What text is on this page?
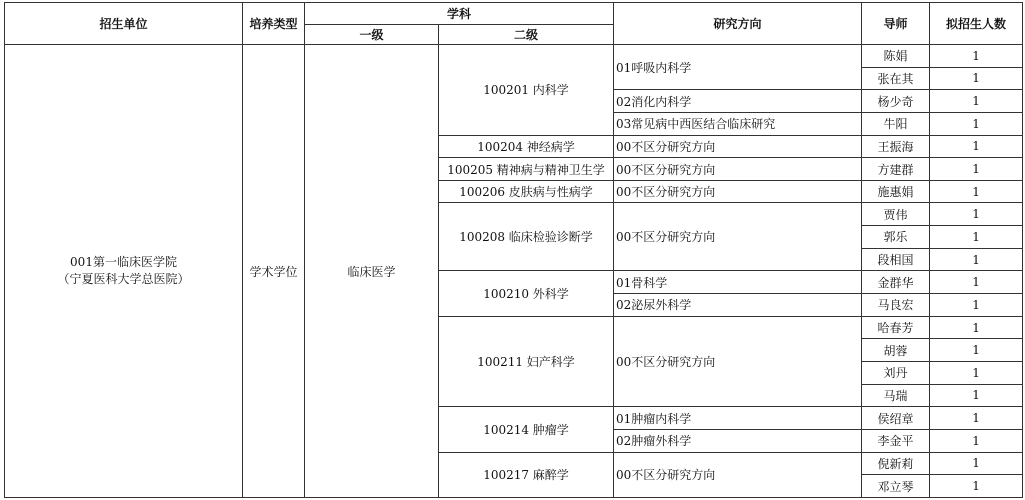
招生单位	培养类型	学科		研究方向	导师	拟招生人数
		一级	二级			

001第一临床医学院
（宁夏医科大学总医院）	学术学位	临床医学	100201 内科学	01呼吸内科学	陈娟	1
					张在其	1
				02消化内科学	杨少奇	1
				03常见病中西医结合临床研究	牛阳	1
			100204 神经病学	00不区分研究方向	王振海	1
			100205 精神病与精神卫生学	00不区分研究方向	方建群	1
			100206 皮肤病与性病学	00不区分研究方向	施惠娟	1
			100208 临床检验诊断学	00不区分研究方向	贾伟	1
					郭乐	1
					段相国	1
			100210 外科学	01骨科学	金群华	1
				02泌尿外科学	马良宏	1
			100211 妇产科学	00不区分研究方向	哈春芳	1
					胡蓉	1
					刘丹	1
					马瑞	1
			100214 肿瘤学	01肿瘤内科学	侯绍章	1
				02肿瘤外科学	李金平	1
			100217 麻醉学	00不区分研究方向	倪新莉	1
					邓立琴	1
